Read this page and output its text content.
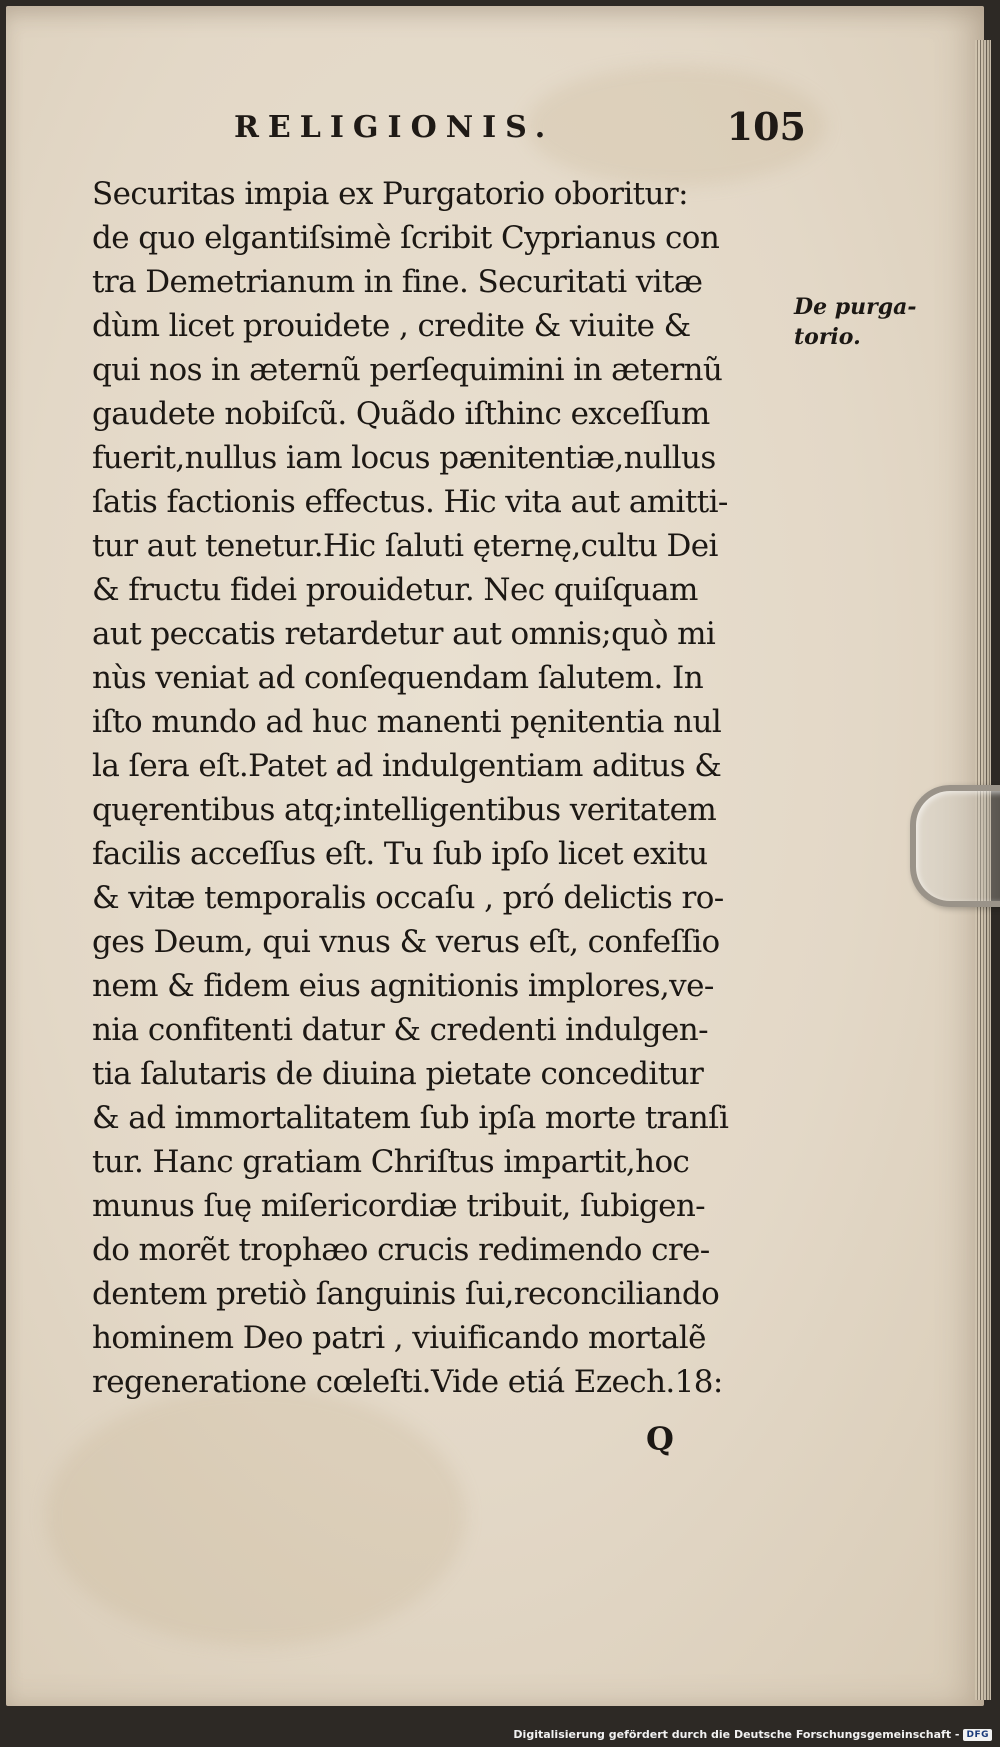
RELIGIONIS.	105
Securitas impia ex Purgatorio oboritur:
de quo elgantiſsimè ſcribit Cyprianus con
tra Demetrianum in fine. Securitati vitæ
dùm licet prouidete , credite & viuite &
qui nos in æternũ perſequimini in æternũ
gaudete nobiſcũ. Quãdo iſthinc exceſſum
fuerit,nullus iam locus pænitentiæ,nullus
ſatis factionis effectus. Hic vita aut amitti-
tur aut tenetur.Hic ſaluti ęternę,cultu Dei
& fructu fidei prouidetur. Nec quiſquam
aut peccatis retardetur aut omnis;quò mi
nùs veniat ad conſequendam ſalutem. In
iſto mundo ad huc manenti pęnitentia nul
la ſera eſt.Patet ad indulgentiam aditus &
quęrentibus atq;intelligentibus veritatem
facilis acceſſus eſt. Tu ſub ipſo licet exitu
& vitæ temporalis occaſu , pró delictis ro-
ges Deum, qui vnus & verus eſt, confeſſio
nem & fidem eius agnitionis implores,ve-
nia confitenti datur & credenti indulgen-
tia ſalutaris de diuina pietate conceditur
& ad immortalitatem ſub ipſa morte tranſi
tur. Hanc gratiam Chriſtus impartit,hoc
munus ſuę miſericordiæ tribuit, ſubigen-
do morẽt trophæo crucis redimendo cre-
dentem pretiò ſanguinis ſui,reconciliando
hominem Deo patri , viuificando mortalẽ
regeneratione cœleſti.Vide etiá Ezech.18:
De purga-
torio.
Q
Digitalisierung gefördert durch die Deutsche Forschungsgemeinschaft - DFG
